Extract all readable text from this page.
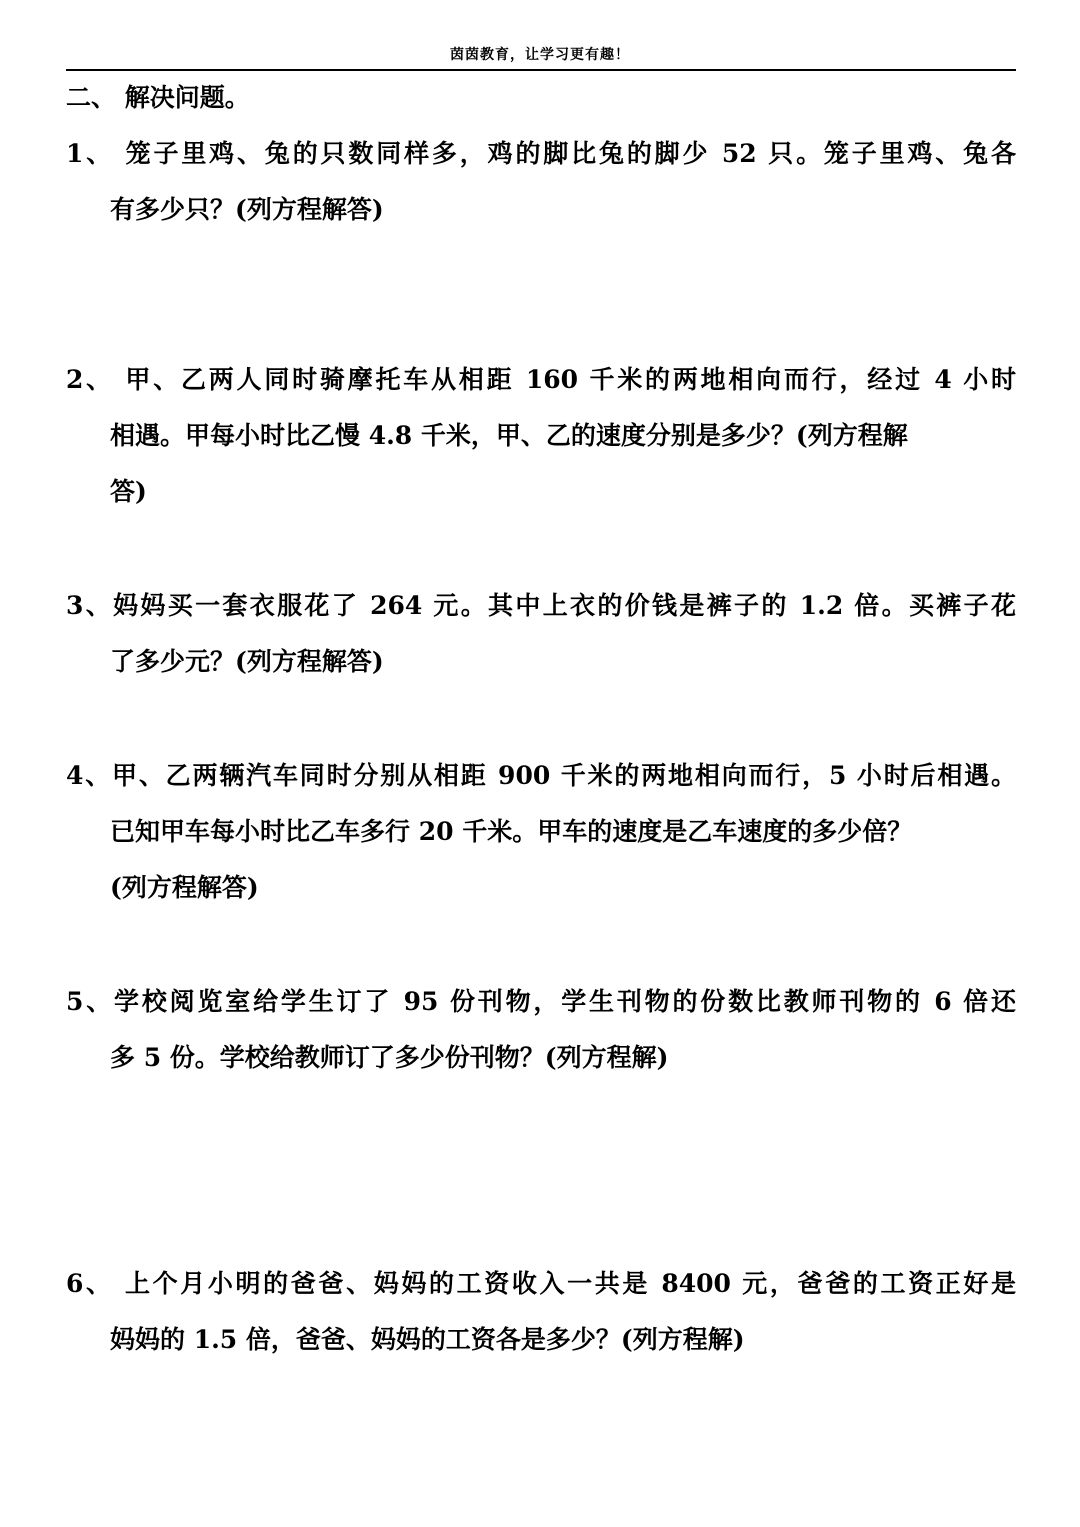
茵茵教育，让学习更有趣！
二、 解决问题。
1、 笼子里鸡、兔的只数同样多，鸡的脚比兔的脚少 52 只。笼子里鸡、兔各
有多少只？(列方程解答)
2、 甲、乙两人同时骑摩托车从相距 160 千米的两地相向而行，经过 4 小时
相遇。甲每小时比乙慢 4.8 千米，甲、乙的速度分别是多少？(列方程解
答)
3、妈妈买一套衣服花了 264 元。其中上衣的价钱是裤子的 1.2 倍。买裤子花
了多少元？(列方程解答)
4、甲、乙两辆汽车同时分别从相距 900 千米的两地相向而行，5 小时后相遇。
已知甲车每小时比乙车多行 20 千米。甲车的速度是乙车速度的多少倍？
(列方程解答)
5、学校阅览室给学生订了 95 份刊物，学生刊物的份数比教师刊物的 6 倍还
多 5 份。学校给教师订了多少份刊物？(列方程解)
6、 上个月小明的爸爸、妈妈的工资收入一共是 8400 元，爸爸的工资正好是
妈妈的 1.5 倍，爸爸、妈妈的工资各是多少？(列方程解)
